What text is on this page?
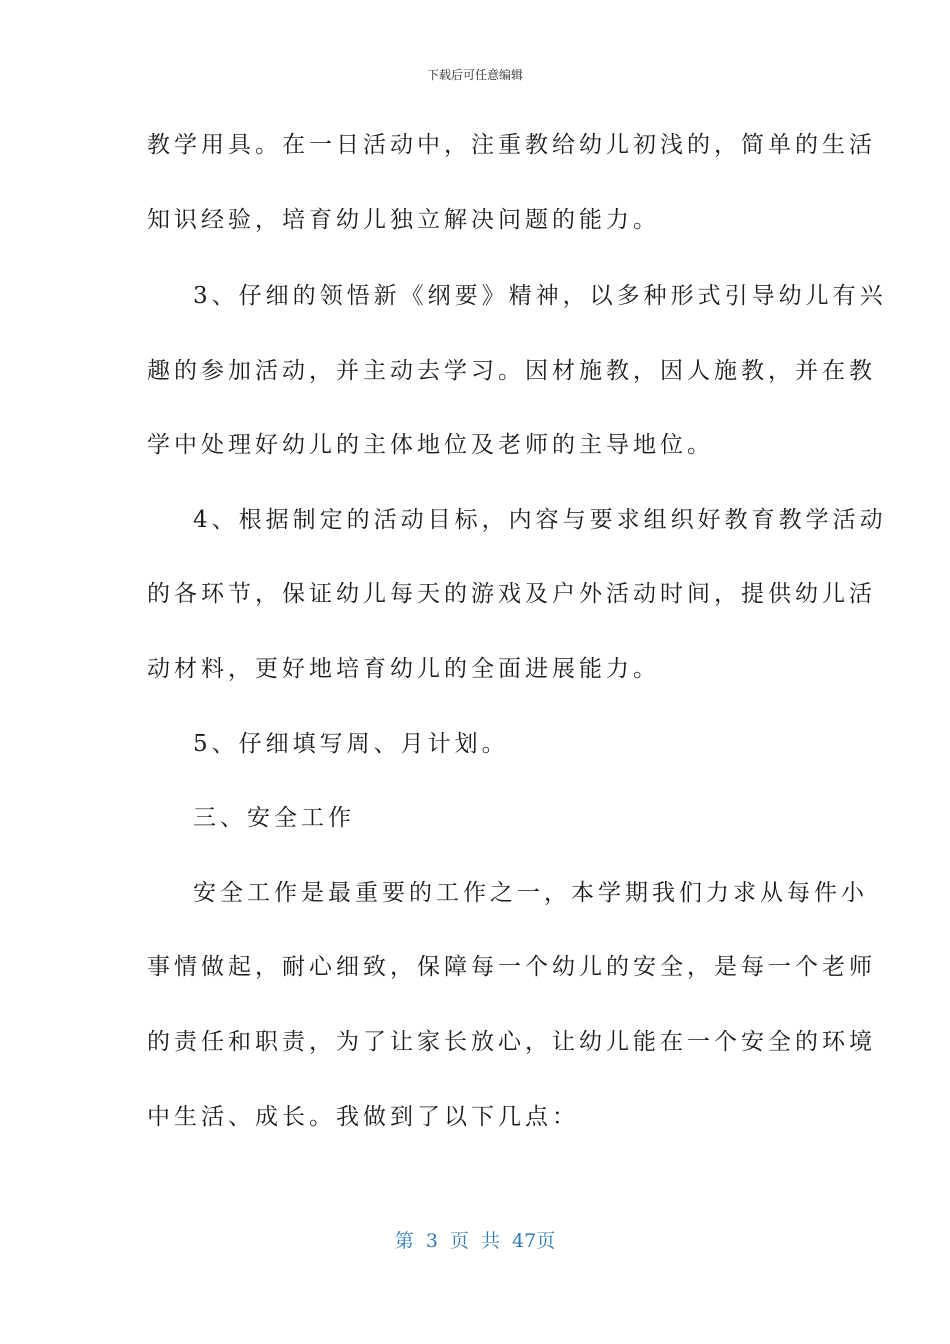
下载后可任意编辑
教学用具。在一日活动中，注重教给幼儿初浅的，简单的生活
知识经验，培育幼儿独立解决问题的能力。
3、仔细的领悟新《纲要》精神，以多种形式引导幼儿有兴
趣的参加活动，并主动去学习。因材施教，因人施教，并在教
学中处理好幼儿的主体地位及老师的主导地位。
4、根据制定的活动目标，内容与要求组织好教育教学活动
的各环节，保证幼儿每天的游戏及户外活动时间，提供幼儿活
动材料，更好地培育幼儿的全面进展能力。
5、仔细填写周、月计划。
三、安全工作
安全工作是最重要的工作之一，本学期我们力求从每件小
事情做起，耐心细致，保障每一个幼儿的安全，是每一个老师
的责任和职责，为了让家长放心，让幼儿能在一个安全的环境
中生活、成长。我做到了以下几点：
第 3 页 共 47页
